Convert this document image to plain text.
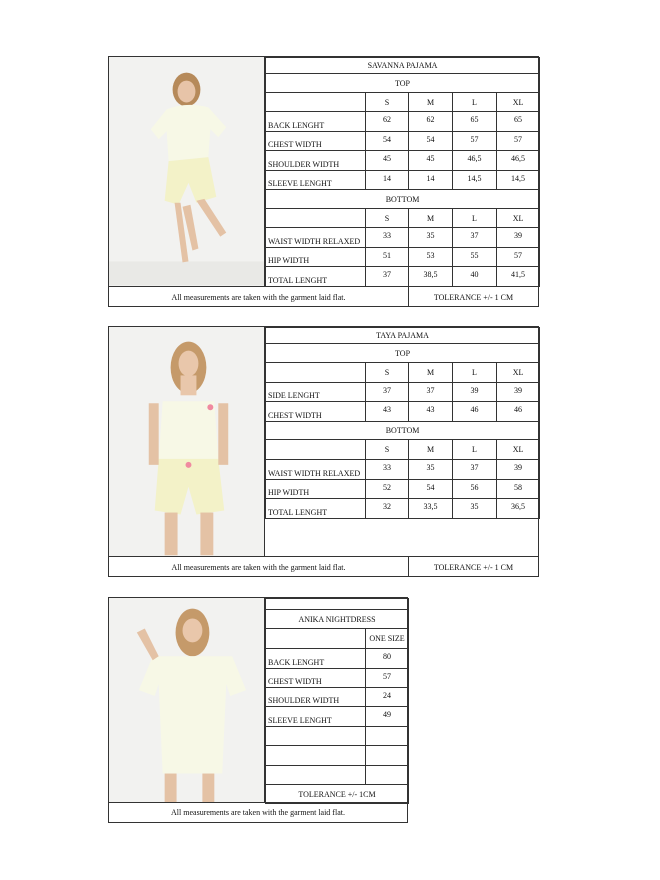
SAVANNA PAJAMA				
TOP				
	S	M	L	XL
BACK LENGHT	62	62	65	65
CHEST WIDTH	54	54	57	57
SHOULDER WIDTH	45	45	46,5	46,5
SLEEVE LENGHT	14	14	14,5	14,5
BOTTOM				
	S	M	L	XL
WAIST WIDTH RELAXED	33	35	37	39
HIP WIDTH	51	53	55	57
TOTAL LENGHT	37	38,5	40	41,5
All measurements are taken with the garment laid flat.	TOLERANCE +/- 1 CM
TAYA PAJAMA				
TOP				
	S	M	L	XL
SIDE LENGHT	37	37	39	39
CHEST WIDTH	43	43	46	46
BOTTOM				
	S	M	L	XL
WAIST WIDTH RELAXED	33	35	37	39
HIP WIDTH	52	54	56	58
TOTAL LENGHT	32	33,5	35	36,5
All measurements are taken with the garment laid flat.	TOLERANCE +/- 1 CM

ANIKA NIGHTDRESS	
	ONE SIZE
BACK LENGHT	80
CHEST WIDTH	57
SHOULDER WIDTH	24
SLEEVE LENGHT	49

TOLERANCE +/- 1CM	
All measurements are taken with the garment laid flat.
